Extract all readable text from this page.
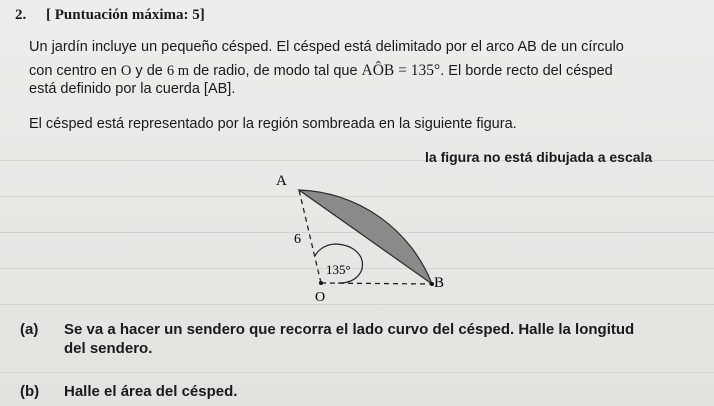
2. [ Puntuación máxima: 5]
Un jardín incluye un pequeño césped. El césped está delimitado por el arco AB de un círculo
con centro en O y de 6 m de radio, de modo tal que AÔB = 135°. El borde recto del césped
está definido por la cuerda [AB].
El césped está representado por la región sombreada en la siguiente figura.
la figura no está dibujada a escala
A
B
O
6
135°
(a) Se va a hacer un sendero que recorra el lado curvo del césped. Halle la longitud
del sendero.
(b) Halle el área del césped.
